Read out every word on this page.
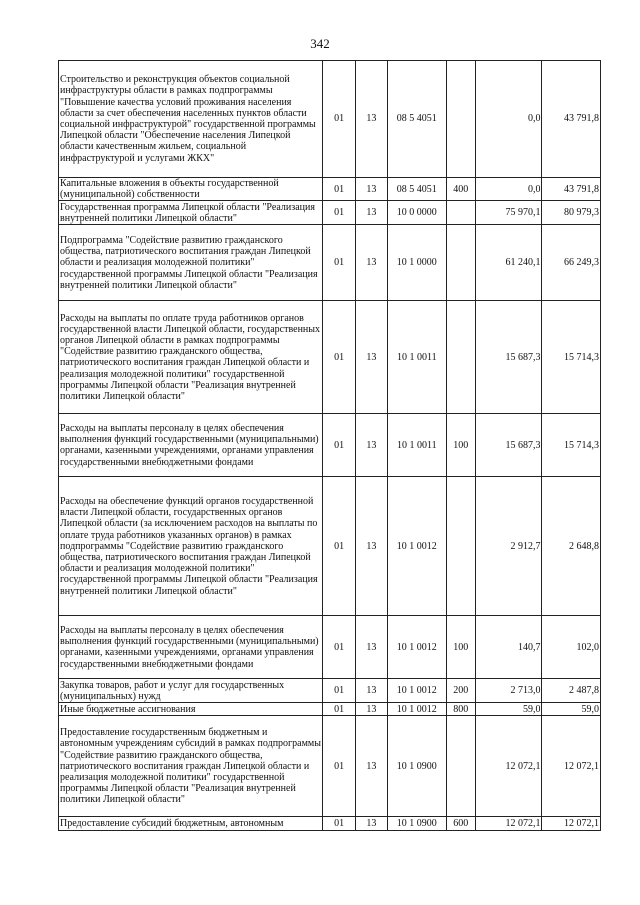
342
Строительство и реконструкция объектов социальной инфраструктуры области в рамках подпрограммы "Повышение качества условий проживания населения области за счет обеспечения населенных пунктов области социальной инфраструктурой" государственной программы Липецкой области "Обеспечение населения Липецкой области качественным жильем, социальной инфраструктурой и услугами ЖКХ"	01	13	08 5 4051		0,0	43 791,8
Капитальные вложения в объекты государственной (муниципальной) собственности	01	13	08 5 4051	400	0,0	43 791,8
Государственная программа Липецкой области "Реализация внутренней политики Липецкой области"	01	13	10 0 0000		75 970,1	80 979,3
Подпрограмма "Содействие развитию гражданского общества, патриотического воспитания граждан Липецкой области и реализация молодежной политики" государственной программы Липецкой области "Реализация внутренней политики Липецкой области"	01	13	10 1 0000		61 240,1	66 249,3
Расходы на выплаты по оплате труда работников органов государственной власти Липецкой области, государственных органов Липецкой области в рамках подпрограммы "Содействие развитию гражданского общества, патриотического воспитания граждан Липецкой области и реализация молодежной политики" государственной программы Липецкой области "Реализация внутренней политики Липецкой области"	01	13	10 1 0011		15 687,3	15 714,3
Расходы на выплаты персоналу в целях обеспечения выполнения функций государственными (муниципальными) органами, казенными учреждениями, органами управления государственными внебюджетными фондами	01	13	10 1 0011	100	15 687,3	15 714,3
Расходы на обеспечение функций органов государственной власти Липецкой области, государственных органов Липецкой области (за исключением расходов на выплаты по оплате труда работников указанных органов) в рамках подпрограммы "Содействие развитию гражданского общества, патриотического воспитания граждан Липецкой области и реализация молодежной политики" государственной программы Липецкой области "Реализация внутренней политики Липецкой области"	01	13	10 1 0012		2 912,7	2 648,8
Расходы на выплаты персоналу в целях обеспечения выполнения функций государственными (муниципальными) органами, казенными учреждениями, органами управления государственными внебюджетными фондами	01	13	10 1 0012	100	140,7	102,0
Закупка товаров, работ и услуг для государственных (муниципальных) нужд	01	13	10 1 0012	200	2 713,0	2 487,8
Иные бюджетные ассигнования	01	13	10 1 0012	800	59,0	59,0
Предоставление государственным бюджетным и автономным учреждениям субсидий в рамках подпрограммы "Содействие развитию гражданского общества, патриотического воспитания граждан Липецкой области и реализация молодежной политики" государственной программы Липецкой области "Реализация внутренней политики Липецкой области"	01	13	10 1 0900		12 072,1	12 072,1
Предоставление субсидий бюджетным, автономным	01	13	10 1 0900	600	12 072,1	12 072,1
